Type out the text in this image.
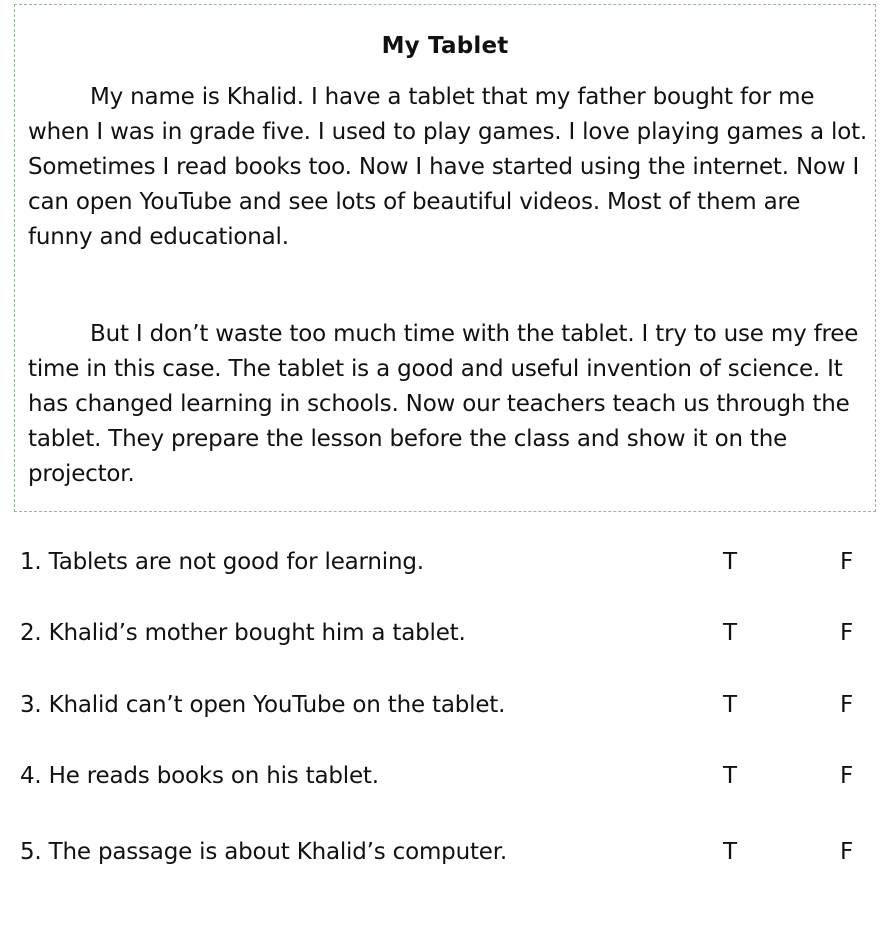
My Tablet

My name is Khalid. I have a tablet that my father bought for me when I was in grade five. I used to play games. I love playing games a lot. Sometimes I read books too. Now I have started using the internet. Now I can open YouTube and see lots of beautiful videos. Most of them are funny and educational.

But I don’t waste too much time with the tablet. I try to use my free time in this case. The tablet is a good and useful invention of science. It has changed learning in schools. Now our teachers teach us through the tablet. They prepare the lesson before the class and show it on the projector.

1. Tablets are not good for learning.	T	F
2. Khalid’s mother bought him a tablet.	T	F
3. Khalid can’t open YouTube on the tablet.	T	F
4. He reads books on his tablet.	T	F
5. The passage is about Khalid’s computer.	T	F
